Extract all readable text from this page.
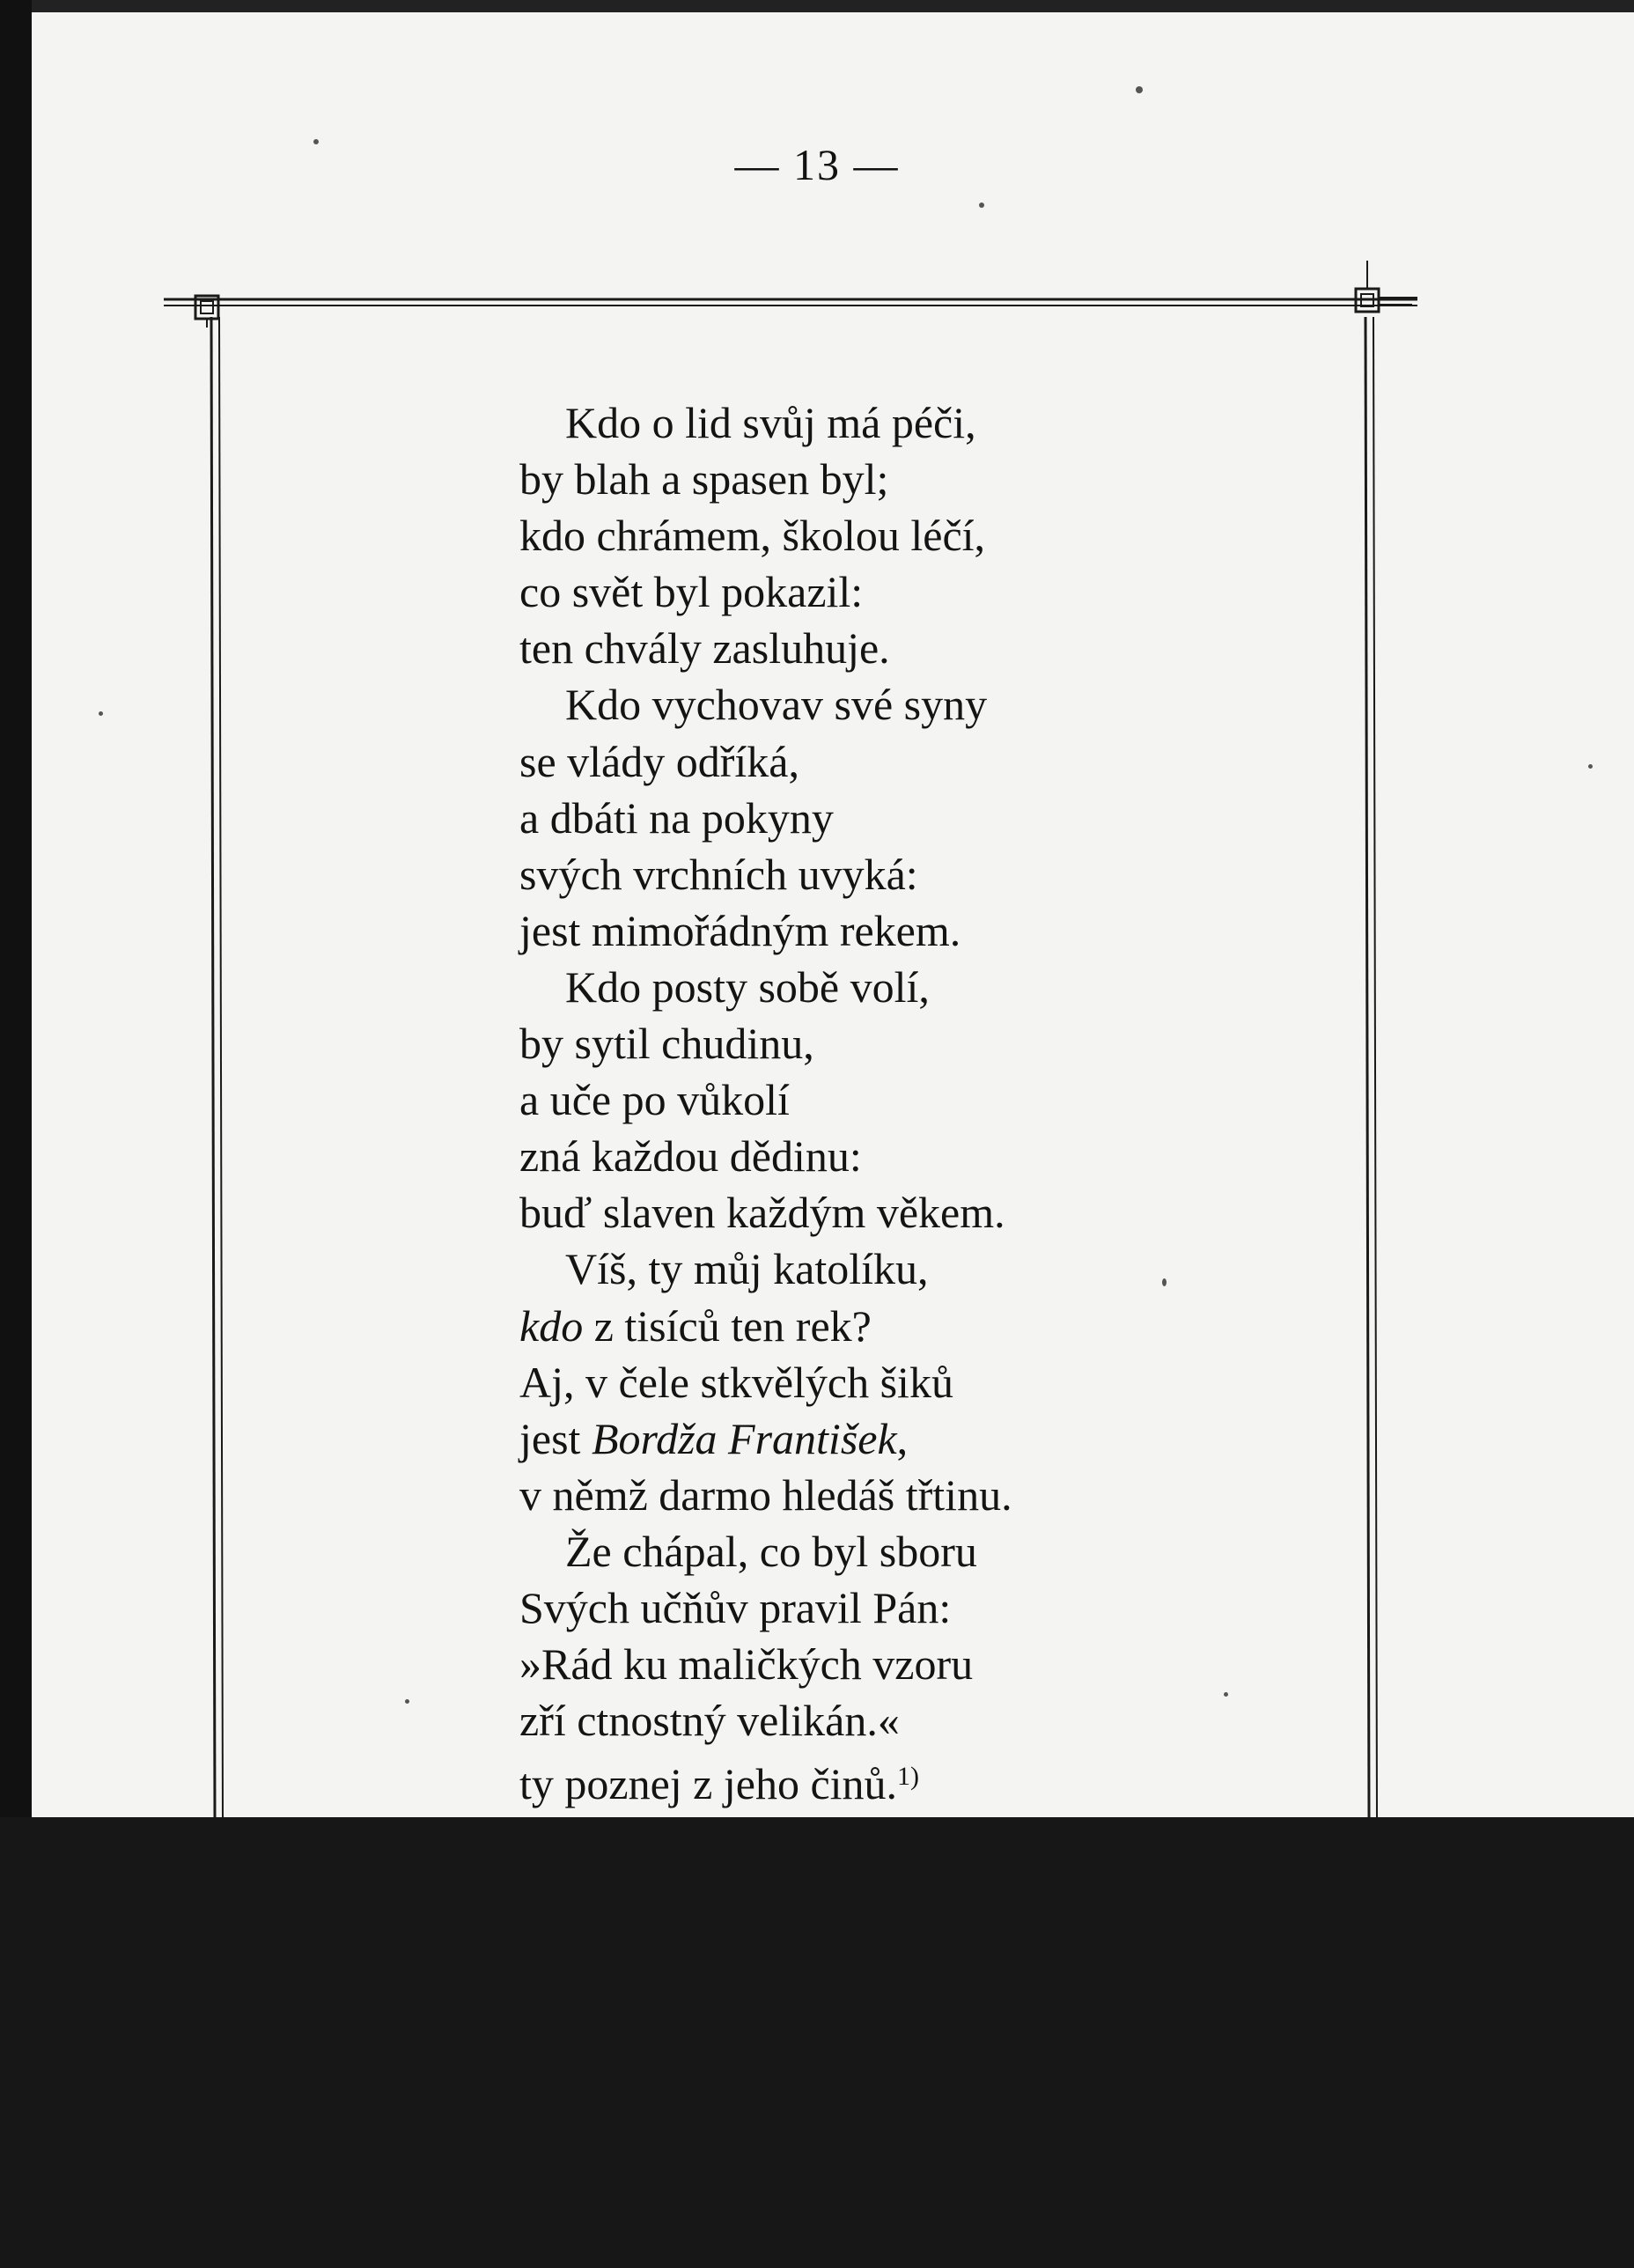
— 13 —
Kdo o lid svůj má péči,
by blah a spasen byl;
kdo chrámem, školou léčí,
co svět byl pokazil:
ten chvály zasluhuje.
Kdo vychovav své syny
se vlády odříká,
a dbáti na pokyny
svých vrchních uvyká:
jest mimořádným rekem.
Kdo posty sobě volí,
by sytil chudinu,
a uče po vůkolí
zná každou dědinu:
buď slaven každým věkem.
Víš, ty můj katolíku,
kdo z tisíců ten rek?
Aj, v čele stkvělých šiků
jest Bordža František,
v němž darmo hledáš třtinu.
Že chápal, co byl sboru
Svých učňův pravil Pán:
»Rád ku maličkých vzoru
zří ctnostný velikán.«
ty poznej z jeho činů.$^{1)}$
